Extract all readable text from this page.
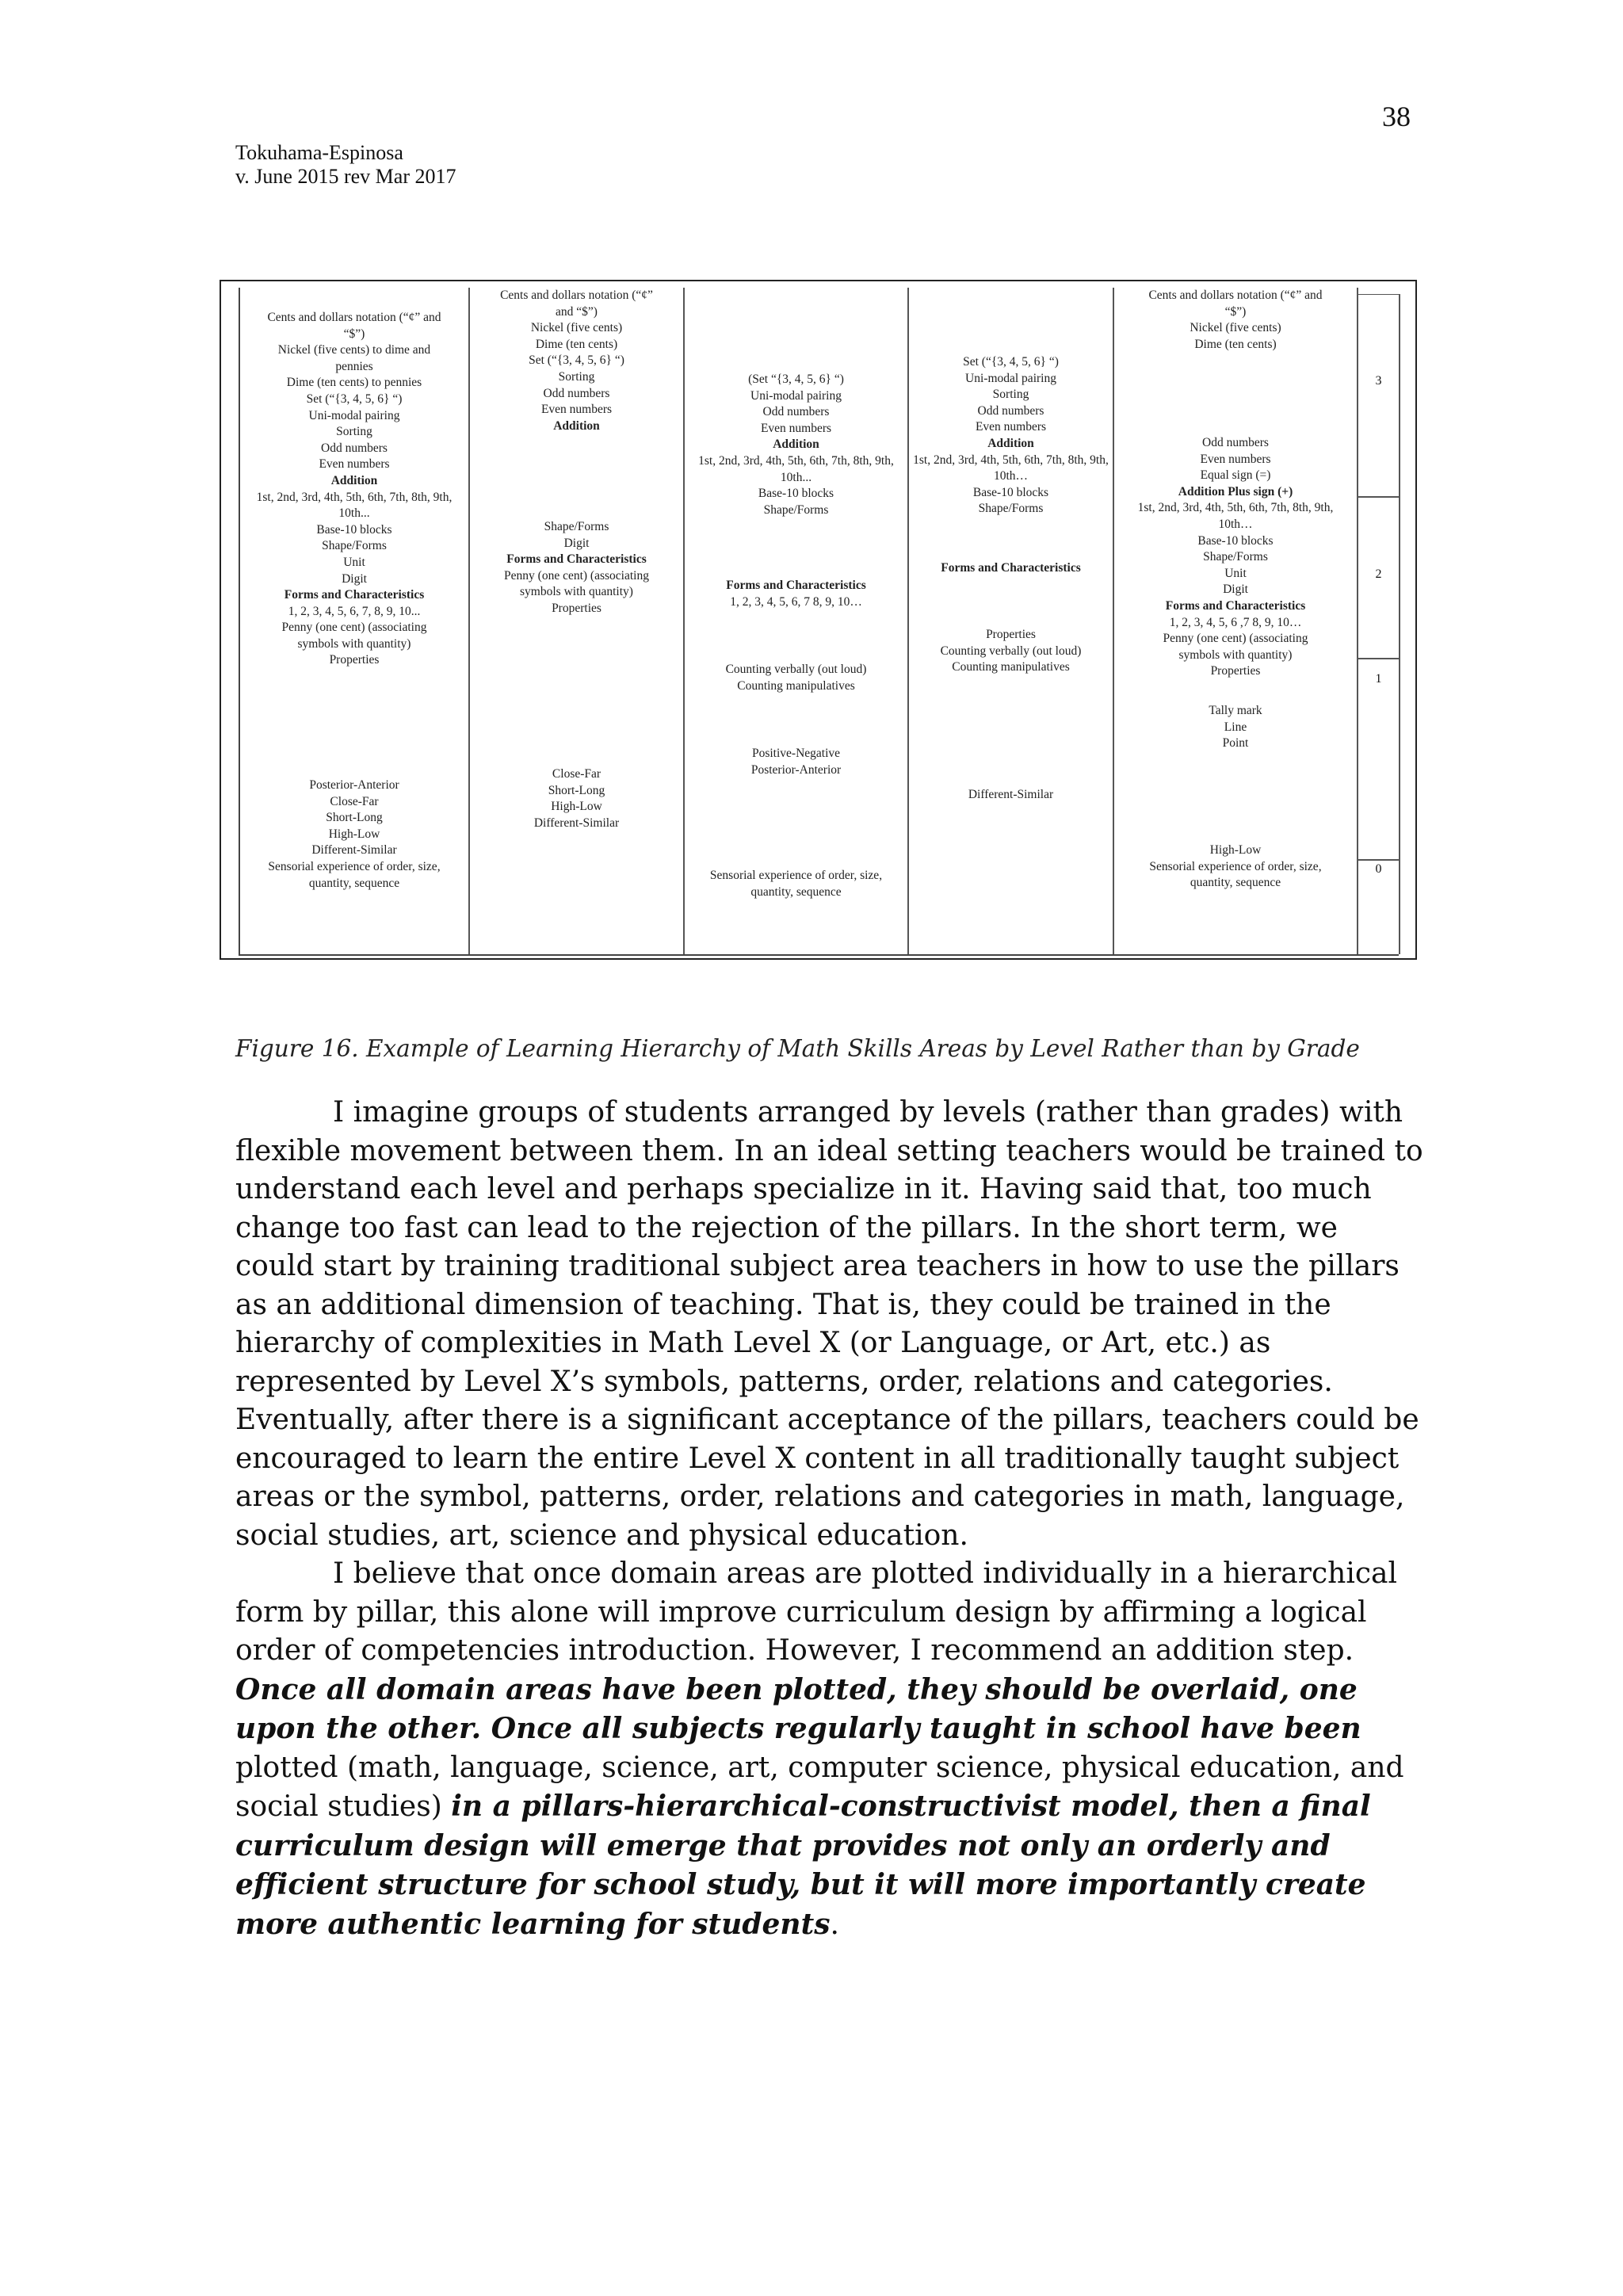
38
Tokuhama-Espinosa
v. June 2015 rev Mar 2017
Cents and dollars notation (“¢” and
“$”)
Nickel (five cents) to dime and
pennies
Dime (ten cents) to pennies
Set (“{3, 4, 5, 6} “)
Uni-modal pairing
Sorting
Odd numbers
Even numbers
Addition
1st, 2nd, 3rd, 4th, 5th, 6th, 7th, 8th, 9th,
10th...
Base-10 blocks
Shape/Forms
Unit
Digit
Forms and Characteristics
1, 2, 3, 4, 5, 6, 7, 8, 9, 10...
Penny (one cent) (associating
symbols with quantity)
Properties
Posterior-Anterior
Close-Far
Short-Long
High-Low
Different-Similar
Sensorial experience of order, size,
quantity, sequence
Cents and dollars notation (“¢”
and “$”)
Nickel (five cents)
Dime (ten cents)
Set (“{3, 4, 5, 6} “)
Sorting
Odd numbers
Even numbers
Addition
Shape/Forms
Digit
Forms and Characteristics
Penny (one cent) (associating
symbols with quantity)
Properties
Close-Far
Short-Long
High-Low
Different-Similar
(Set “{3, 4, 5, 6} “)
Uni-modal pairing
Odd numbers
Even numbers
Addition
1st, 2nd, 3rd, 4th, 5th, 6th, 7th, 8th, 9th,
10th...
Base-10 blocks
Shape/Forms
Forms and Characteristics
1, 2, 3, 4, 5, 6, 7 8, 9, 10…
Counting verbally (out loud)
Counting manipulatives
Positive-Negative
Posterior-Anterior
Sensorial experience of order, size,
quantity, sequence
Set (“{3, 4, 5, 6} “)
Uni-modal pairing
Sorting
Odd numbers
Even numbers
Addition
1st, 2nd, 3rd, 4th, 5th, 6th, 7th, 8th, 9th,
10th…
Base-10 blocks
Shape/Forms
Forms and Characteristics
Properties
Counting verbally (out loud)
Counting manipulatives
Different-Similar
Cents and dollars notation (“¢” and
“$”)
Nickel (five cents)
Dime (ten cents)
Odd numbers
Even numbers
Equal sign (=)
Addition Plus sign (+)
1st, 2nd, 3rd, 4th, 5th, 6th, 7th, 8th, 9th,
10th…
Base-10 blocks
Shape/Forms
Unit
Digit
Forms and Characteristics
1, 2, 3, 4, 5, 6 ,7 8, 9, 10…
Penny (one cent) (associating
symbols with quantity)
Properties
Tally mark
Line
Point
High-Low
Sensorial experience of order, size,
quantity, sequence
3
2
1
0
Figure 16. Example of Learning Hierarchy of Math Skills Areas by Level Rather than by Grade

I imagine groups of students arranged by levels (rather than grades) with flexible movement between them. In an ideal setting teachers would be trained to understand each level and perhaps specialize in it. Having said that, too much change too fast can lead to the rejection of the pillars. In the short term, we could start by training traditional subject area teachers in how to use the pillars as an additional dimension of teaching. That is, they could be trained in the hierarchy of complexities in Math Level X (or Language, or Art, etc.) as represented by Level X’s symbols, patterns, order, relations and categories. Eventually, after there is a significant acceptance of the pillars, teachers could be encouraged to learn the entire Level X content in all traditionally taught subject areas or the symbol, patterns, order, relations and categories in math, language, social studies, art, science and physical education.

I believe that once domain areas are plotted individually in a hierarchical form by pillar, this alone will improve curriculum design by affirming a logical order of competencies introduction. However, I recommend an addition step. Once all domain areas have been plotted, they should be overlaid, one upon the other. Once all subjects regularly taught in school have been plotted (math, language, science, art, computer science, physical education, and social studies) in a pillars-hierarchical-constructivist model, then a final curriculum design will emerge that provides not only an orderly and efficient structure for school study, but it will more importantly create more authentic learning for students.
